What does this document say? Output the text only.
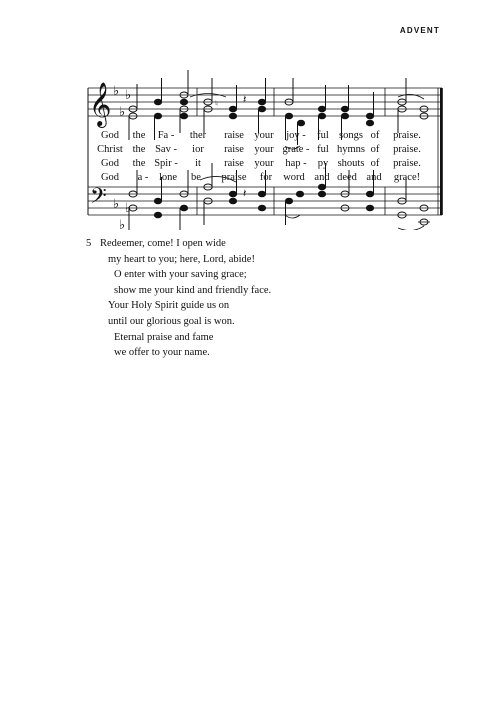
ADVENT
𝄞
𝄢
♭
♭
♭
♭
♭
♭
♮ 𝄽
𝄽
God the Fa - ther raise your joy - ful songs of praise.
Christ the Sav - ior raise your grate - ful hymns of praise.
God the Spir - it raise your hap - py shouts of praise.
God a - lone be praise for word and deed and grace!
5 Redeemer, come! I open wide
my heart to you; here, Lord, abide!
O enter with your saving grace;
show me your kind and friendly face.
Your Holy Spirit guide us on
until our glorious goal is won.
Eternal praise and fame
we offer to your name.
